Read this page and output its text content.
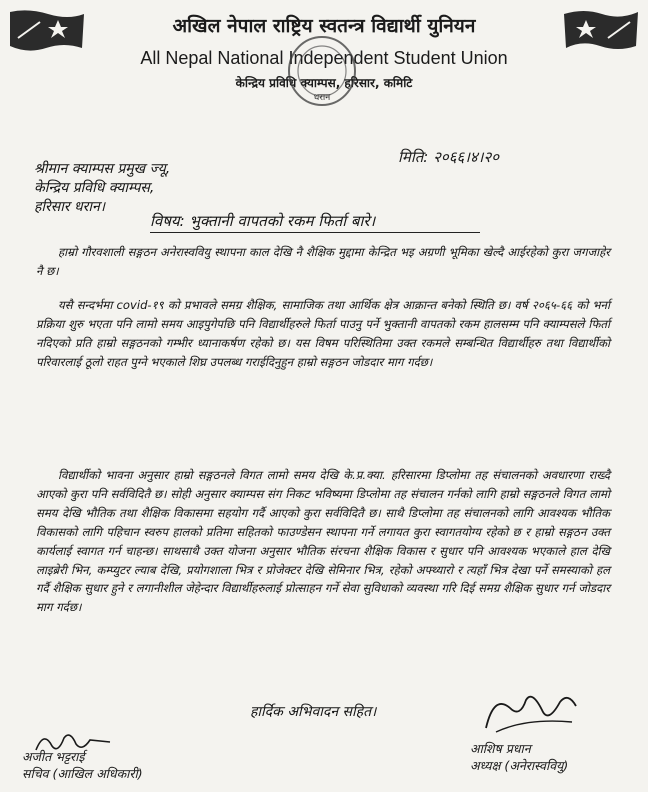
अखिल नेपाल राष्ट्रिय स्वतन्त्र विद्यार्थी युनियन
All Nepal National Independent Student Union
केन्द्रिय प्रविधि क्याम्पस, हरिसार, कमिटि
धरान
मिति: २०६६।४।२०
श्रीमान क्याम्पस प्रमुख ज्यू,
केन्द्रिय प्रविधि क्याम्पस,
हरिसार धरान।
विषय: भुक्तानी वापतको रकम फिर्ता बारे।
हाम्रो गौरवशाली सङ्गठन अनेरास्ववियु स्थापना काल देखि नै शैक्षिक मुद्दामा केन्द्रित भइ अग्रणी भूमिका खेल्दै आईरहेको कुरा जगजाहेर नै छ।
यसै सन्दर्भमा covid-१९ को प्रभावले समग्र शैक्षिक, सामाजिक तथा आर्थिक क्षेत्र आक्रान्त बनेको स्थिति छ। वर्ष २०६५-६६ को भर्ना प्रक्रिया शुरु भएता पनि लामो समय आइपुगेपछि पनि विद्यार्थीहरुले फिर्ता पाउनु पर्ने भुक्तानी वापतको रकम हालसम्म पनि क्याम्पसले फिर्ता नदिएको प्रति हाम्रो सङ्गठनको गम्भीर ध्यानाकर्षण रहेको छ। यस विषम परिस्थितिमा उक्त रकमले सम्बन्धित विद्यार्थीहरु तथा विद्यार्थीको परिवारलाई ठूलो राहत पुग्ने भएकाले शिघ्र उपलब्ध गराईदिनुहुन हाम्रो सङ्गठन जोडदार माग गर्दछ।
विद्यार्थीको भावना अनुसार हाम्रो सङ्गठनले विगत लामो समय देखि के.प्र.क्या. हरिसारमा डिप्लोमा तह संचालनको अवधारणा राख्दै आएको कुरा पनि सर्वविदितै छ। सोही अनुसार क्याम्पस संग निकट भविष्यमा डिप्लोमा तह संचालन गर्नको लागि हाम्रो सङ्गठनले विगत लामो समय देखि भौतिक तथा शैक्षिक विकासमा सहयोग गर्दै आएको कुरा सर्वविदितै छ। साथै डिप्लोमा तह संचालनको लागि आवश्यक भौतिक विकासको लागि पहिचान स्वरुप हालको प्रतिमा सहितको फाउण्डेसन स्थापना गर्ने लगायत कुरा स्वागतयोग्य रहेको छ र हाम्रो सङ्गठन उक्त कार्यलाई स्वागत गर्न चाहन्छ। साथसाथै उक्त योजना अनुसार भौतिक संरचना शैक्षिक विकास र सुधार पनि आवश्यक भएकाले हाल देखि लाइब्रेरी भिन, कम्प्युटर ल्याब देखि, प्रयोगशाला भित्र र प्रोजेक्टर देखि सेमिनार भित्र, रहेको अफ्थ्यारो र त्यहाँ भित्र देखा पर्ने समस्याको हल गर्दै शैक्षिक सुधार हुने र लगानीशील जेहेन्दार विद्यार्थीहरुलाई प्रोत्साहन गर्ने सेवा सुविधाको व्यवस्था गरि दिई समग्र शैक्षिक सुधार गर्न जोडदार माग गर्दछ।
हार्दिक अभिवादन सहित।
अजीत भट्टराई
सचिव (आखिल अधिकारी)
आशिष प्रधान
अध्यक्ष (अनेरास्ववियु)
